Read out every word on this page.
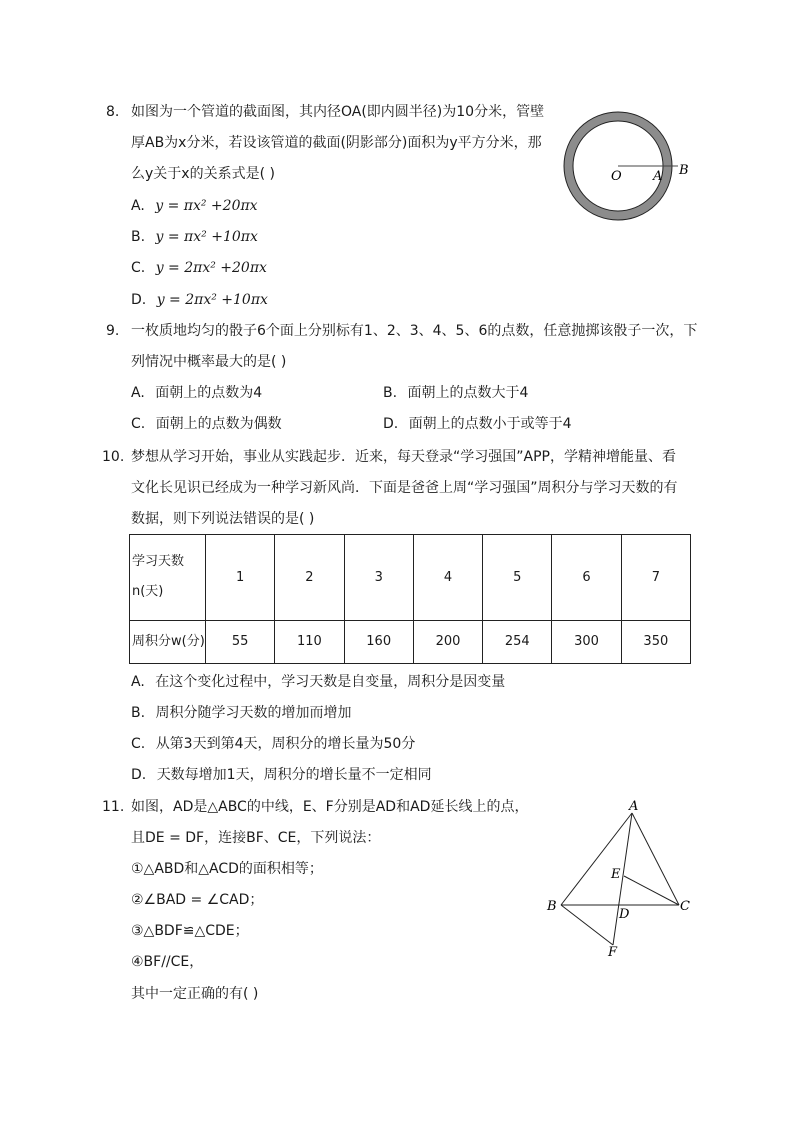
8. 如图为一个管道的截面图，其内径OA(即内圆半径)为10分米，管壁
厚AB为x分米，若设该管道的截面(阴影部分)面积为y平方分米，那
么y关于x的关系式是( )
A. y = πx² +20πx
B. y = πx² +10πx
C. y = 2πx² +20πx
D. y = 2πx² +10πx
O A B
9. 一枚质地均匀的骰子6个面上分别标有1、2、3、4、5、6的点数，任意抛掷该骰子一次，下
列情况中概率最大的是( )
A. 面朝上的点数为4	B. 面朝上的点数大于4
C. 面朝上的点数为偶数	D. 面朝上的点数小于或等于4
10. 梦想从学习开始，事业从实践起步．近来，每天登录“学习强国”APP，学精神增能量、看
文化长见识已经成为一种学习新风尚．下面是爸爸上周“学习强国”周积分与学习天数的有
数据，则下列说法错误的是( )
学习天数n(天)	1	2	3	4	5	6	7
周积分w(分)	55	110	160	200	254	300	350
A. 在这个变化过程中，学习天数是自变量，周积分是因变量
B. 周积分随学习天数的增加而增加
C. 从第3天到第4天，周积分的增长量为50分
D. 天数每增加1天，周积分的增长量不一定相同
11. 如图，AD是△ABC的中线，E、F分别是AD和AD延长线上的点，
且DE = DF，连接BF、CE，下列说法：
①△ABD和△ACD的面积相等；
②∠BAD = ∠CAD；
③△BDF≌△CDE；
④BF//CE，
其中一定正确的有( )
A
B	C
D
E
F
